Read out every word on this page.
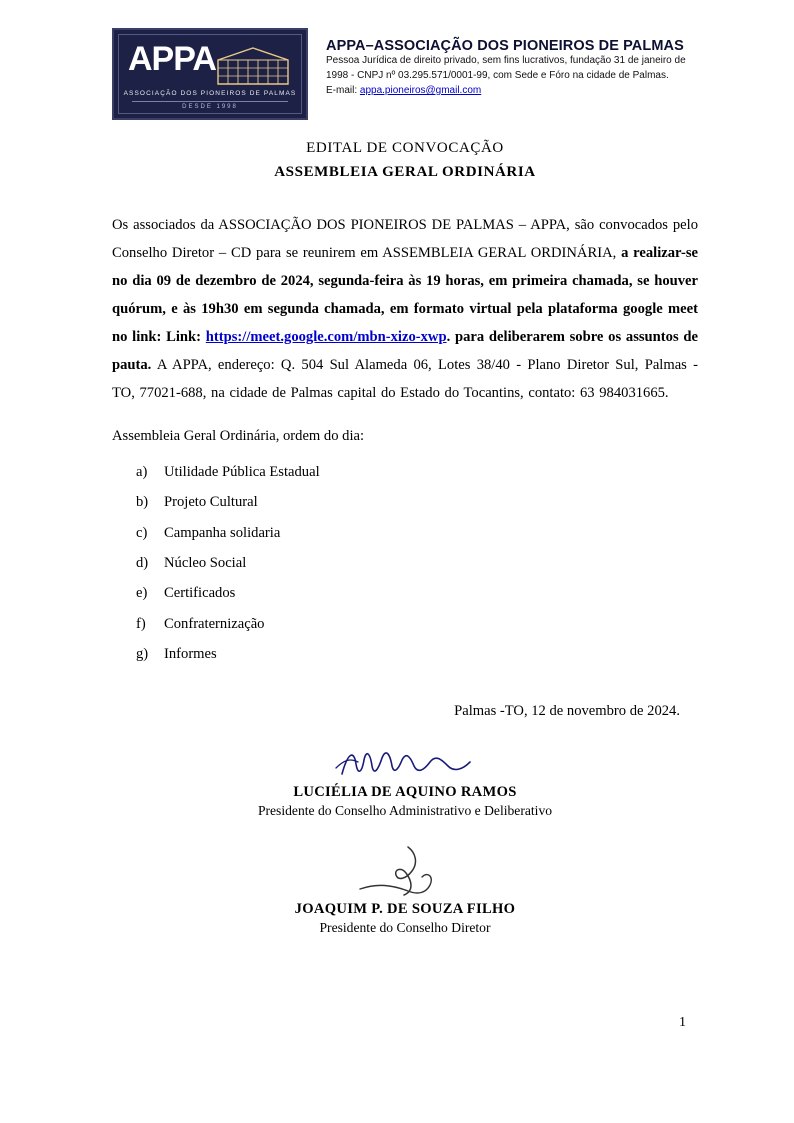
APPA
ASSOCIAÇÃO DOS PIONEIROS DE PALMAS
DESDE 1998
APPA–ASSOCIAÇÃO DOS PIONEIROS DE PALMAS
Pessoa Jurídica de direito privado, sem fins lucrativos, fundação 31 de janeiro de
1998 - CNPJ nº 03.295.571/0001-99, com Sede e Fóro na cidade de Palmas.
E-mail: appa.pioneiros@gmail.com
EDITAL DE CONVOCAÇÃO
ASSEMBLEIA GERAL ORDINÁRIA
Os associados da ASSOCIAÇÃO DOS PIONEIROS DE PALMAS – APPA, são convocados pelo Conselho Diretor – CD para se reunirem em ASSEMBLEIA GERAL ORDINÁRIA, a realizar-se no dia 09 de dezembro de 2024, segunda-feira às 19 horas, em primeira chamada, se houver quórum, e às 19h30 em segunda chamada, em formato virtual pela plataforma google meet no link: Link: https://meet.google.com/mbn-xizo-xwp. para deliberarem sobre os assuntos de pauta. A APPA, endereço: Q. 504 Sul Alameda 06, Lotes 38/40 - Plano Diretor Sul, Palmas - TO, 77021-688, na cidade de Palmas capital do Estado do Tocantins, contato: 63 984031665.
Assembleia Geral Ordinária, ordem do dia:
a)	Utilidade Pública Estadual
b)	Projeto Cultural
c)	Campanha solidaria
d)	Núcleo Social
e)	Certificados
f)	Confraternização
g)	Informes
Palmas -TO, 12 de novembro de 2024.
LUCIÉLIA DE AQUINO RAMOS
Presidente do Conselho Administrativo e Deliberativo
JOAQUIM P. DE SOUZA FILHO
Presidente do Conselho Diretor
1
